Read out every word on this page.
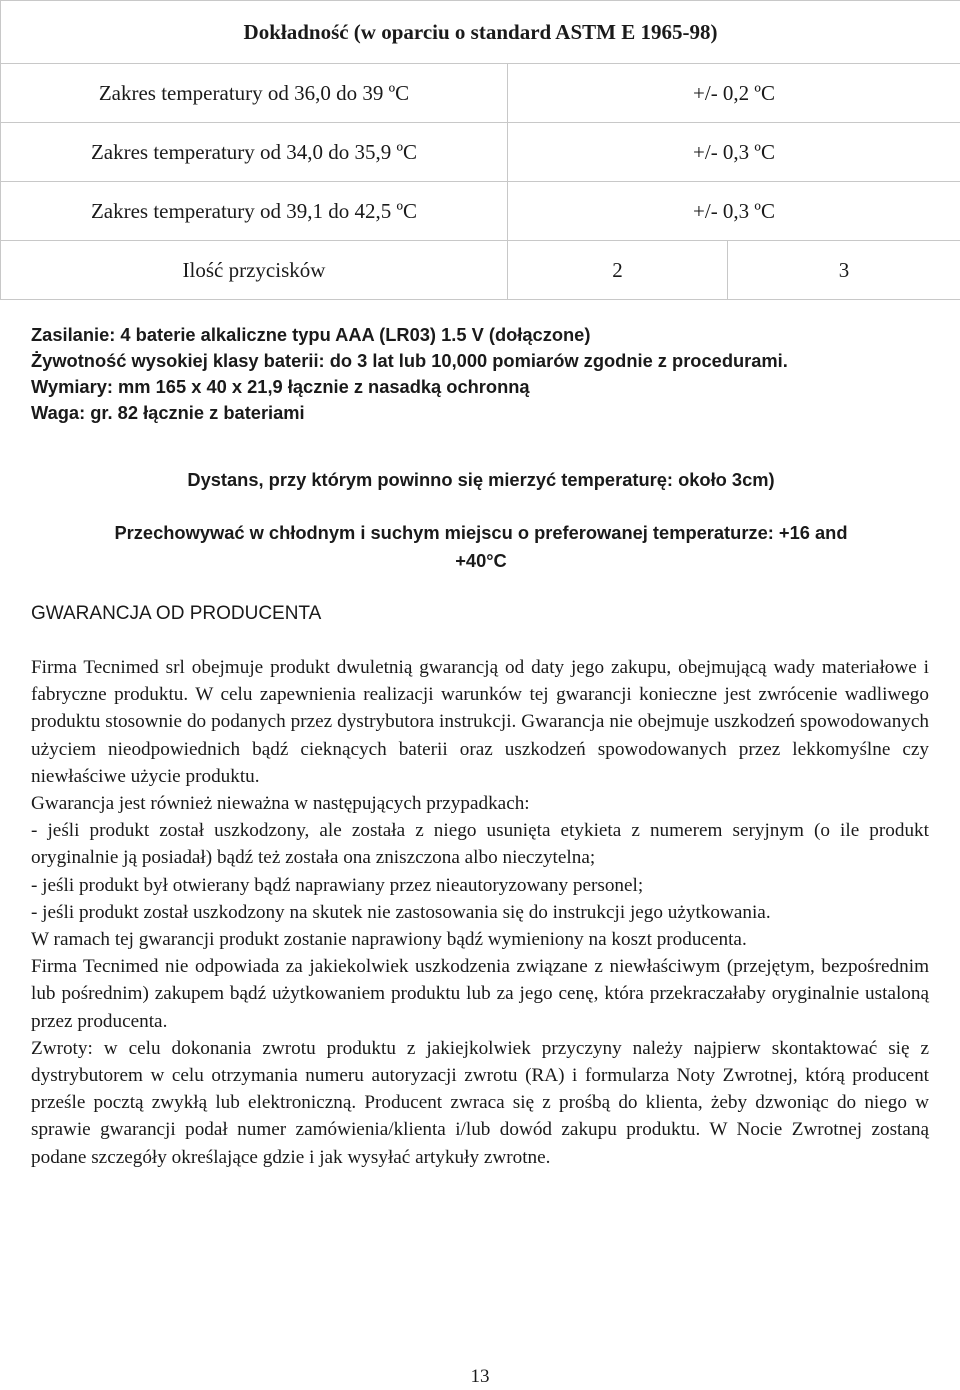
Dokładność (w oparciu o standard ASTM E 1965-98)		
Zakres temperatury od 36,0 do 39 ºC	+/- 0,2 ºC	
Zakres temperatury od 34,0 do 35,9 ºC	+/- 0,3 ºC	
Zakres temperatury od 39,1 do 42,5 ºC	+/- 0,3 ºC	
Ilość przycisków	2	3
Zasilanie: 4 baterie alkaliczne typu AAA (LR03) 1.5 V (dołączone)
Żywotność wysokiej klasy baterii: do 3 lat lub 10,000 pomiarów zgodnie z procedurami.
Wymiary: mm 165 x 40 x 21,9 łącznie z nasadką ochronną
Waga: gr. 82 łącznie z bateriami
Dystans, przy którym powinno się mierzyć temperaturę: około 3cm)
Przechowywać w chłodnym i suchym miejscu o preferowanej temperaturze: +16 and
+40°C
GWARANCJA OD PRODUCENTA

Firma Tecnimed srl obejmuje produkt dwuletnią gwarancją od daty jego zakupu, obejmującą wady materiałowe i fabryczne produktu. W celu zapewnienia realizacji warunków tej gwarancji konieczne jest zwrócenie wadliwego produktu stosownie do podanych przez dystrybutora instrukcji. Gwarancja nie obejmuje uszkodzeń spowodowanych użyciem nieodpowiednich bądź cieknących baterii oraz uszkodzeń spowodowanych przez lekkomyślne czy niewłaściwe użycie produktu.

Gwarancja jest również nieważna w następujących przypadkach:

- jeśli produkt został uszkodzony, ale została z niego usunięta etykieta z numerem seryjnym (o ile produkt oryginalnie ją posiadał) bądź też została ona zniszczona albo nieczytelna;

- jeśli produkt był otwierany bądź naprawiany przez nieautoryzowany personel;

- jeśli produkt został uszkodzony na skutek nie zastosowania się do instrukcji jego użytkowania.

W ramach tej gwarancji produkt zostanie naprawiony bądź wymieniony na koszt producenta.

Firma Tecnimed nie odpowiada za jakiekolwiek uszkodzenia związane z niewłaściwym (przejętym, bezpośrednim lub pośrednim) zakupem bądź użytkowaniem produktu lub za jego cenę, która przekraczałaby oryginalnie ustaloną przez producenta.

Zwroty: w celu dokonania zwrotu produktu z jakiejkolwiek przyczyny należy najpierw skontaktować się z dystrybutorem w celu otrzymania numeru autoryzacji zwrotu (RA) i formularza Noty Zwrotnej, którą producent prześle pocztą zwykłą lub elektroniczną. Producent zwraca się z prośbą do klienta, żeby dzwoniąc do niego w sprawie gwarancji podał numer zamówienia/klienta i/lub dowód zakupu produktu. W Nocie Zwrotnej zostaną podane szczegóły określające gdzie i jak wysyłać artykuły zwrotne.

13
